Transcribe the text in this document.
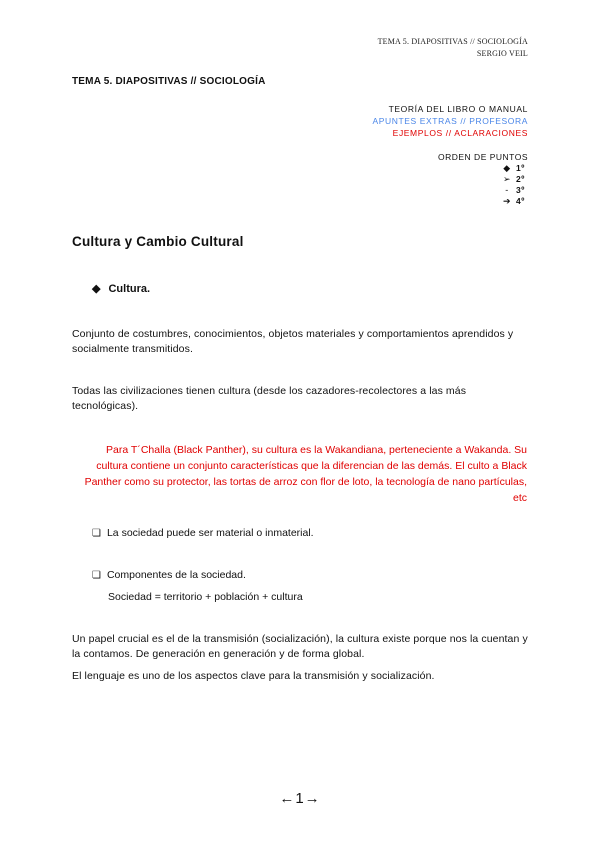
TEMA 5. DIAPOSITIVAS // SOCIOLOGÍA
SERGIO VEIL
TEMA 5. DIAPOSITIVAS // SOCIOLOGÍA
TEORÍA DEL LIBRO O MANUAL
APUNTES EXTRAS // PROFESORA
EJEMPLOS // ACLARACIONES
ORDEN DE PUNTOS
◆ 1º
➢ 2º
- 3º
➔ 4º
Cultura y Cambio Cultural
◆ Cultura.
Conjunto de costumbres, conocimientos, objetos materiales y comportamientos aprendidos y socialmente transmitidos.
Todas las civilizaciones tienen cultura (desde los cazadores-recolectores a las más tecnológicas).
Para T´Challa (Black Panther), su cultura es la Wakandiana, perteneciente a Wakanda. Su cultura contiene un conjunto características que la diferencian de las demás. El culto a Black Panther como su protector, las tortas de arroz con flor de loto, la tecnología de nano partículas, etc
❏ La sociedad puede ser material o inmaterial.
❏ Componentes de la sociedad.
Sociedad = territorio + población + cultura
Un papel crucial es el de la transmisión (socialización), la cultura existe porque nos la cuentan y la contamos. De generación en generación y de forma global.
El lenguaje es uno de los aspectos clave para la transmisión y socialización.
←1→
